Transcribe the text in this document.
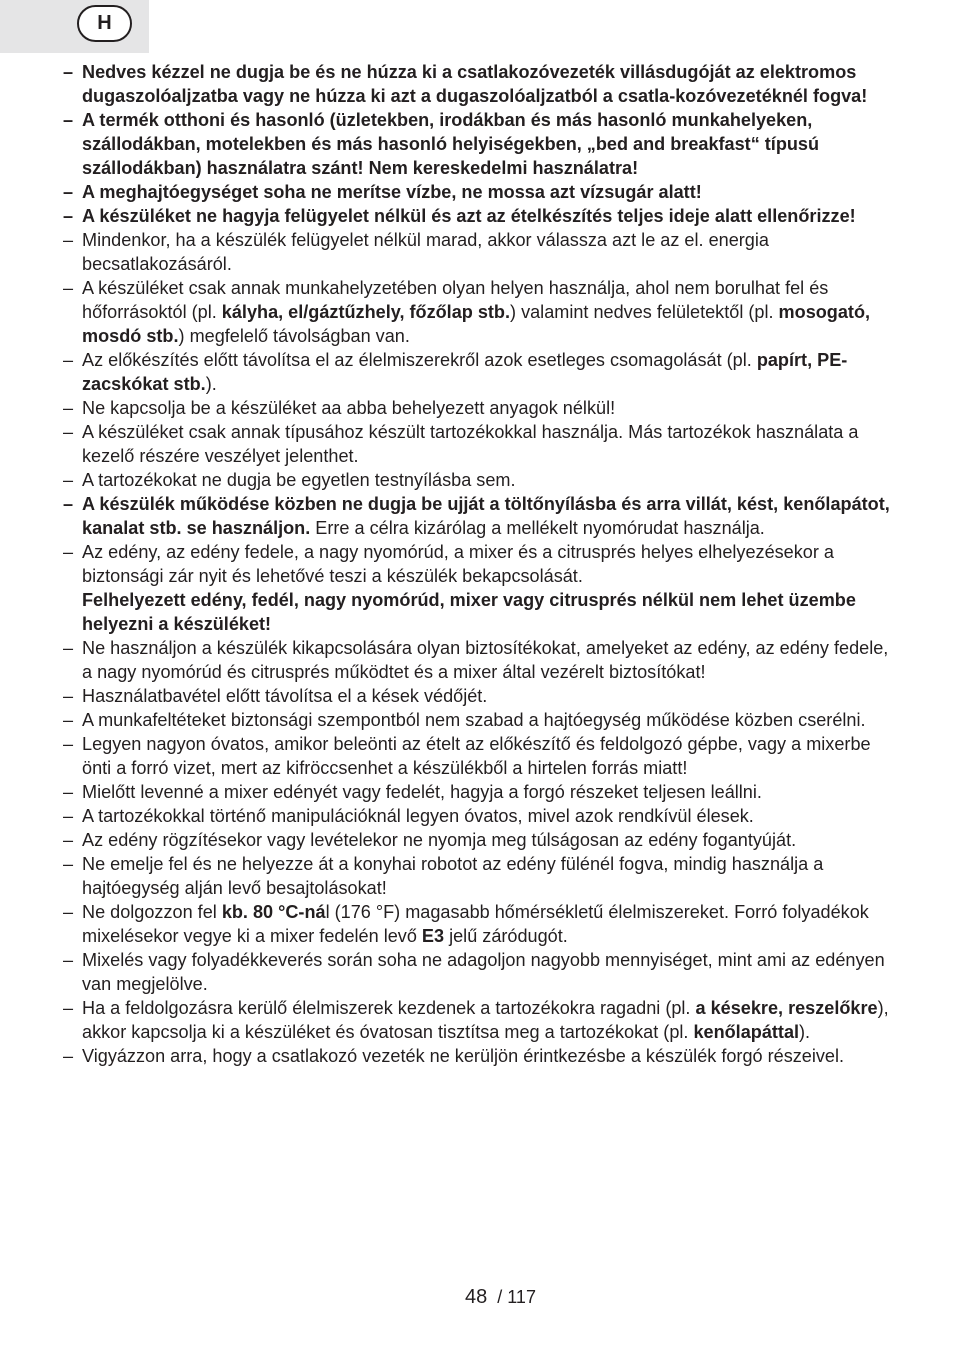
H
– Nedves kézzel ne dugja be és ne húzza ki a csatlakozóvezeték villásdugóját az elektromos dugaszolóaljzatba vagy ne húzza ki azt a dugaszolóaljzatból a csatla-kozóvezetéknél fogva!
– A termék otthoni és hasonló (üzletekben, irodákban és más hasonló munkahelyeken, szállodákban, motelekben és más hasonló helyiségekben, „bed and breakfast“ típusú szállodákban) használatra szánt! Nem kereskedelmi használatra!
– A meghajtóegységet soha ne merítse vízbe, ne mossa azt vízsugár alatt!
– A készüléket ne hagyja felügyelet nélkül és azt az ételkészítés teljes ideje alatt ellenőrizze!
– Mindenkor, ha a készülék felügyelet nélkül marad, akkor válassza azt le az el. energia becsatlakozásáról.
– A készüléket csak annak munkahelyzetében olyan helyen használja, ahol nem borulhat fel és hőforrásoktól (pl. kályha, el/gáztűzhely, főzőlap stb.) valamint nedves felületektől (pl. mosogató, mosdó stb.) megfelelő távolságban van.
– Az előkészítés előtt távolítsa el az élelmiszerekről azok esetleges csomagolását (pl. papírt, PE- zacskókat stb.).
– Ne kapcsolja be a készüléket aa abba behelyezett anyagok nélkül!
– A készüléket csak annak típusához készült tartozékokkal használja. Más tartozékok használata a kezelő részére veszélyet jelenthet.
– A tartozékokat ne dugja be egyetlen testnyílásba sem.
– A készülék működése közben ne dugja be ujját a töltőnyílásba és arra villát, kést, kenőlapátot, kanalat stb. se használjon. Erre a célra kizárólag a mellékelt nyomórudat használja.
– Az edény, az edény fedele, a nagy nyomórúd, a mixer és a citrusprés helyes elhelyezésekor a biztonsági zár nyit és lehetővé teszi a készülék bekapcsolását.
Felhelyezett edény, fedél, nagy nyomórúd, mixer vagy citrusprés nélkül nem lehet üzembe helyezni a készüléket!
– Ne használjon a készülék kikapcsolására olyan biztosítékokat, amelyeket az edény, az edény fedele, a nagy nyomórúd és citrusprés működtet és a mixer által vezérelt biztosítókat!
– Használatbavétel előtt távolítsa el a kések védőjét.
– A munkafeltéteket biztonsági szempontból nem szabad a hajtóegység működése közben cserélni.
– Legyen nagyon óvatos, amikor beleönti az ételt az előkészítő és feldolgozó gépbe, vagy a mixerbe önti a forró vizet, mert az kifröccsenhet a készülékből a hirtelen forrás miatt!
– Mielőtt levenné a mixer edényét vagy fedelét, hagyja a forgó részeket teljesen leállni.
– A tartozékokkal történő manipulációknál legyen óvatos, mivel azok rendkívül élesek.
– Az edény rögzítésekor vagy levételekor ne nyomja meg túlságosan az edény fogantyúját.
– Ne emelje fel és ne helyezze át a konyhai robotot az edény fülénél fogva, mindig használja a hajtóegység alján levő besajtolásokat!
– Ne dolgozzon fel kb. 80 °C-nál (176 °F) magasabb hőmérsékletű élelmiszereket. Forró folyadékok mixelésekor vegye ki a mixer fedelén levő E3 jelű záródugót.
– Mixelés vagy folyadékkeverés során soha ne adagoljon nagyobb mennyiséget, mint ami az edényen van megjelölve.
– Ha a feldolgozásra kerülő élelmiszerek kezdenek a tartozékokra ragadni (pl. a késekre, reszelőkre), akkor kapcsolja ki a készüléket és óvatosan tisztítsa meg a tartozékokat (pl. kenőlapáttal).
– Vigyázzon arra, hogy a csatlakozó vezeték ne kerüljön érintkezésbe a készülék forgó részeivel.
48 / 117
